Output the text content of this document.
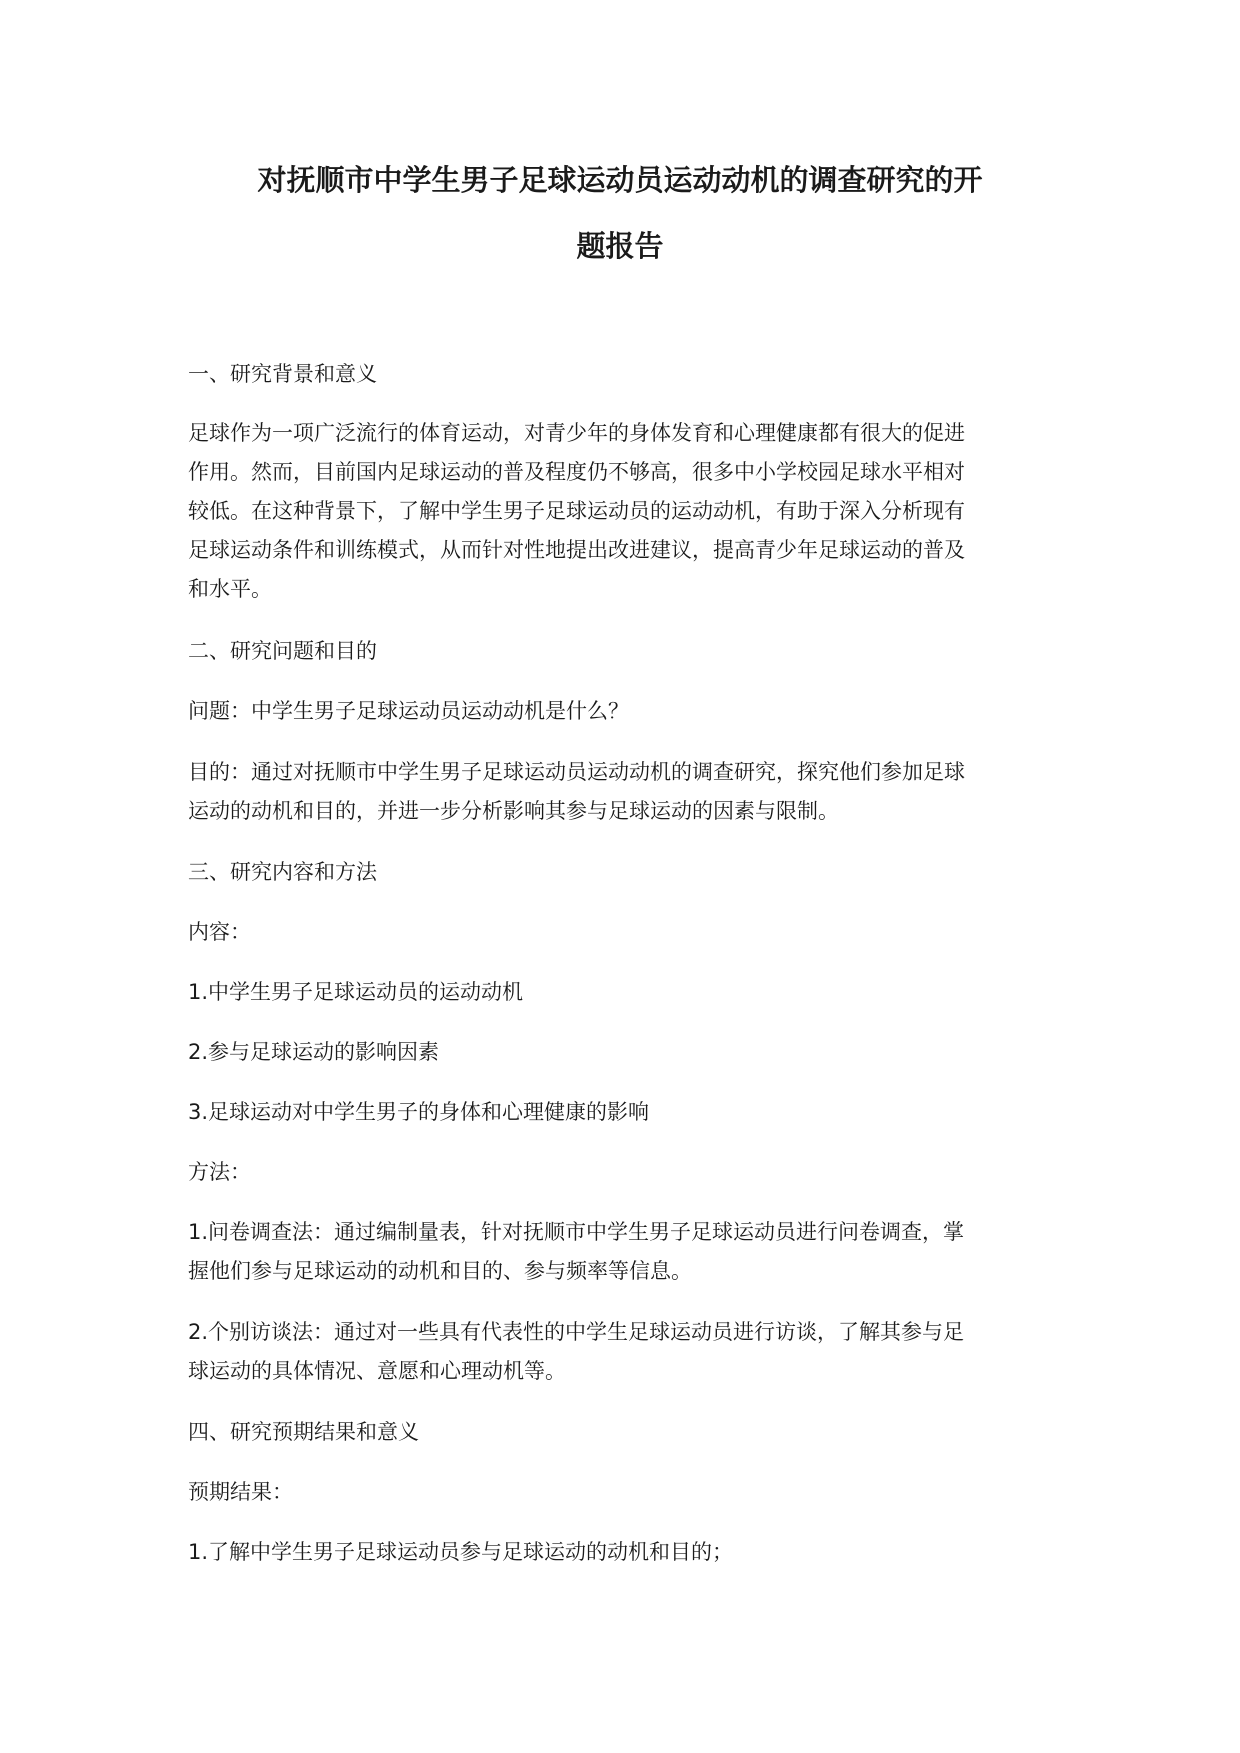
对抚顺市中学生男子足球运动员运动动机的调查研究的开
题报告
一、研究背景和意义
足球作为一项广泛流行的体育运动，对青少年的身体发育和心理健康都有很大的促进
作用。然而，目前国内足球运动的普及程度仍不够高，很多中小学校园足球水平相对
较低。在这种背景下，了解中学生男子足球运动员的运动动机，有助于深入分析现有
足球运动条件和训练模式，从而针对性地提出改进建议，提高青少年足球运动的普及
和水平。
二、研究问题和目的
问题：中学生男子足球运动员运动动机是什么？
目的：通过对抚顺市中学生男子足球运动员运动动机的调查研究，探究他们参加足球
运动的动机和目的，并进一步分析影响其参与足球运动的因素与限制。
三、研究内容和方法
内容：
1.中学生男子足球运动员的运动动机
2.参与足球运动的影响因素
3.足球运动对中学生男子的身体和心理健康的影响
方法：
1.问卷调查法：通过编制量表，针对抚顺市中学生男子足球运动员进行问卷调查，掌
握他们参与足球运动的动机和目的、参与频率等信息。
2.个别访谈法：通过对一些具有代表性的中学生足球运动员进行访谈，了解其参与足
球运动的具体情况、意愿和心理动机等。
四、研究预期结果和意义
预期结果：
1.了解中学生男子足球运动员参与足球运动的动机和目的；
